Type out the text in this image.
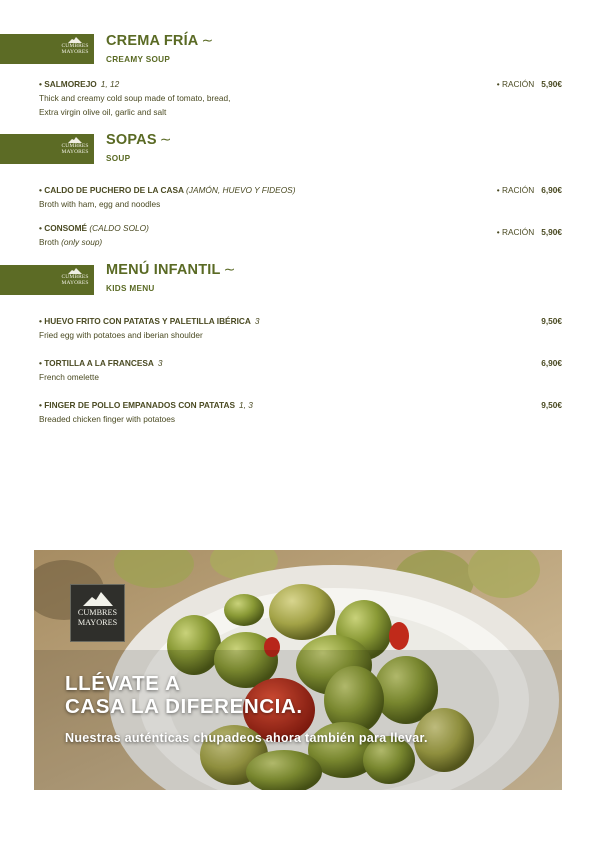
CUMBRES
MAYORES
CREMA FRÍA ∼
CREAMY SOUP
• SALMOREJO 1, 12	• RACIÓN 5,90€
Thick and creamy cold soup made of tomato, bread,
Extra virgin olive oil, garlic and salt
CUMBRES
MAYORES
SOPAS ∼
SOUP
• CALDO DE PUCHERO DE LA CASA (JAMÓN, HUEVO Y FIDEOS)	• RACIÓN 6,90€
Broth with ham, egg and noodles
• CONSOMÉ (CALDO SOLO)	• RACIÓN 5,90€
Broth (only soup)
CUMBRES
MAYORES
MENÚ INFANTIL ∼
KIDS MENU
• HUEVO FRITO CON PATATAS Y PALETILLA IBÉRICA 3	9,50€
Fried egg with potatoes and iberian shoulder
• TORTILLA A LA FRANCESA 3	6,90€
French omelette
• FINGER DE POLLO EMPANADOS CON PATATAS 1, 3	9,50€
Breaded chicken finger with potatoes
CUMBRES
MAYORES
LLÉVATE A
CASA LA DIFERENCIA.
Nuestras auténticas chupadeos ahora también para llevar.
